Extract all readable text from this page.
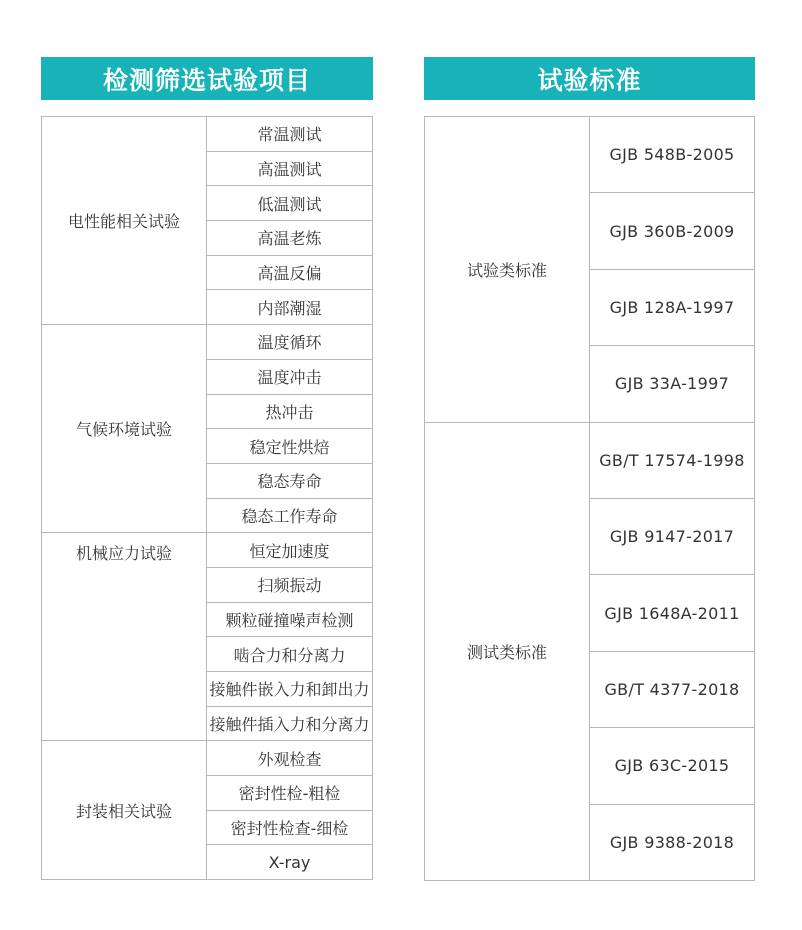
检测筛选试验项目	试验标准
电性能相关试验	常温测试
	高温测试
	低温测试
	高温老炼
	高温反偏
	内部潮湿
气候环境试验	温度循环
	温度冲击
	热冲击
	稳定性烘焙
	稳态寿命
	稳态工作寿命
机械应力试验	恒定加速度
	扫频振动
	颗粒碰撞噪声检测
	啮合力和分离力
	接触件嵌入力和卸出力
	接触件插入力和分离力
封装相关试验	外观检查
	密封性检-粗检
	密封性检查-细检
	X-ray
试验类标准	GJB 548B-2005
	GJB 360B-2009
	GJB 128A-1997
	GJB 33A-1997
测试类标准	GB/T 17574-1998
	GJB 9147-2017
	GJB 1648A-2011
	GB/T 4377-2018
	GJB 63C-2015
	GJB 9388-2018
